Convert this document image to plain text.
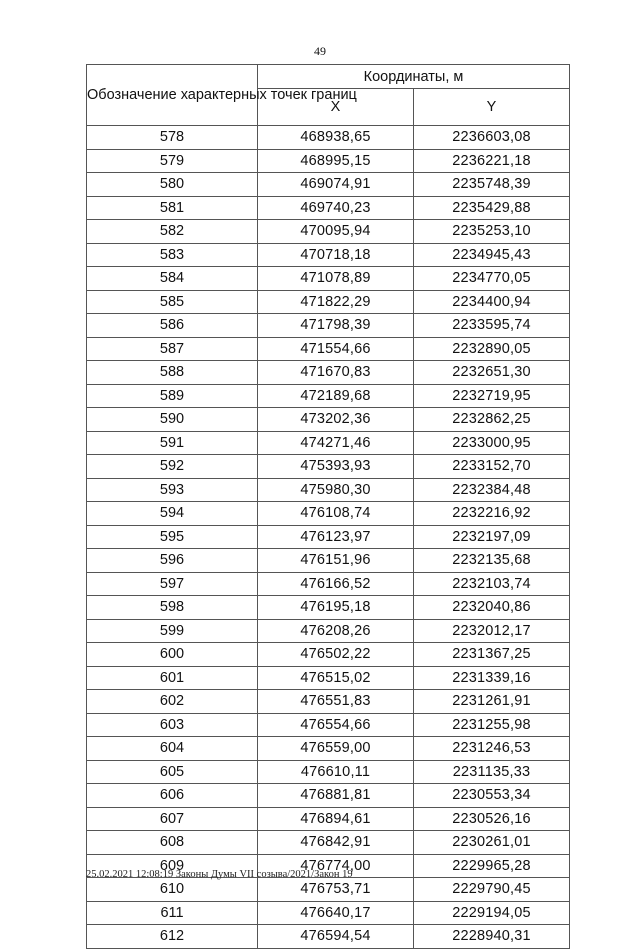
49
Обозначение характерных точек границ	Координаты, м	
	X	Y
578	468938,65	2236603,08
579	468995,15	2236221,18
580	469074,91	2235748,39
581	469740,23	2235429,88
582	470095,94	2235253,10
583	470718,18	2234945,43
584	471078,89	2234770,05
585	471822,29	2234400,94
586	471798,39	2233595,74
587	471554,66	2232890,05
588	471670,83	2232651,30
589	472189,68	2232719,95
590	473202,36	2232862,25
591	474271,46	2233000,95
592	475393,93	2233152,70
593	475980,30	2232384,48
594	476108,74	2232216,92
595	476123,97	2232197,09
596	476151,96	2232135,68
597	476166,52	2232103,74
598	476195,18	2232040,86
599	476208,26	2232012,17
600	476502,22	2231367,25
601	476515,02	2231339,16
602	476551,83	2231261,91
603	476554,66	2231255,98
604	476559,00	2231246,53
605	476610,11	2231135,33
606	476881,81	2230553,34
607	476894,61	2230526,16
608	476842,91	2230261,01
609	476774,00	2229965,28
610	476753,71	2229790,45
611	476640,17	2229194,05
612	476594,54	2228940,31
25.02.2021 12:08:19 Законы Думы VII созыва/2021/Закон 19
